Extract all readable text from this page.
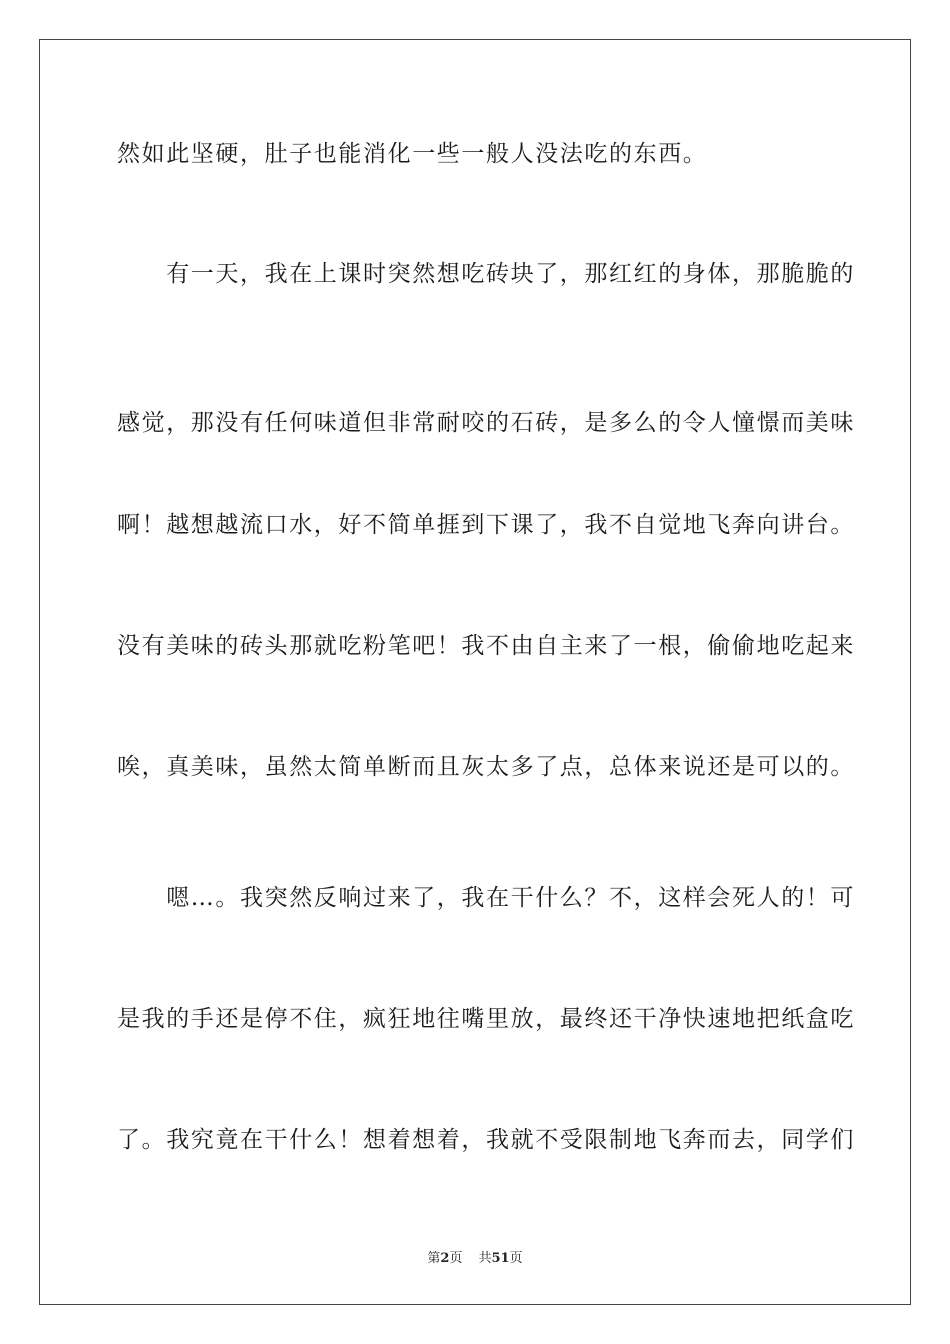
然如此坚硬，肚子也能消化一些一般人没法吃的东西。
　　有一天，我在上课时突然想吃砖块了，那红红的身体，那脆脆的
感觉，那没有任何味道但非常耐咬的石砖，是多么的令人憧憬而美味
啊！越想越流口水，好不简单捱到下课了，我不自觉地飞奔向讲台。
没有美味的砖头那就吃粉笔吧！我不由自主来了一根，偷偷地吃起来
唉，真美味，虽然太简单断而且灰太多了点，总体来说还是可以的。
　　嗯…。我突然反响过来了，我在干什么？不，这样会死人的！可
是我的手还是停不住，疯狂地往嘴里放，最终还干净快速地把纸盒吃
了。我究竟在干什么！想着想着，我就不受限制地飞奔而去，同学们
第2页 共51页
